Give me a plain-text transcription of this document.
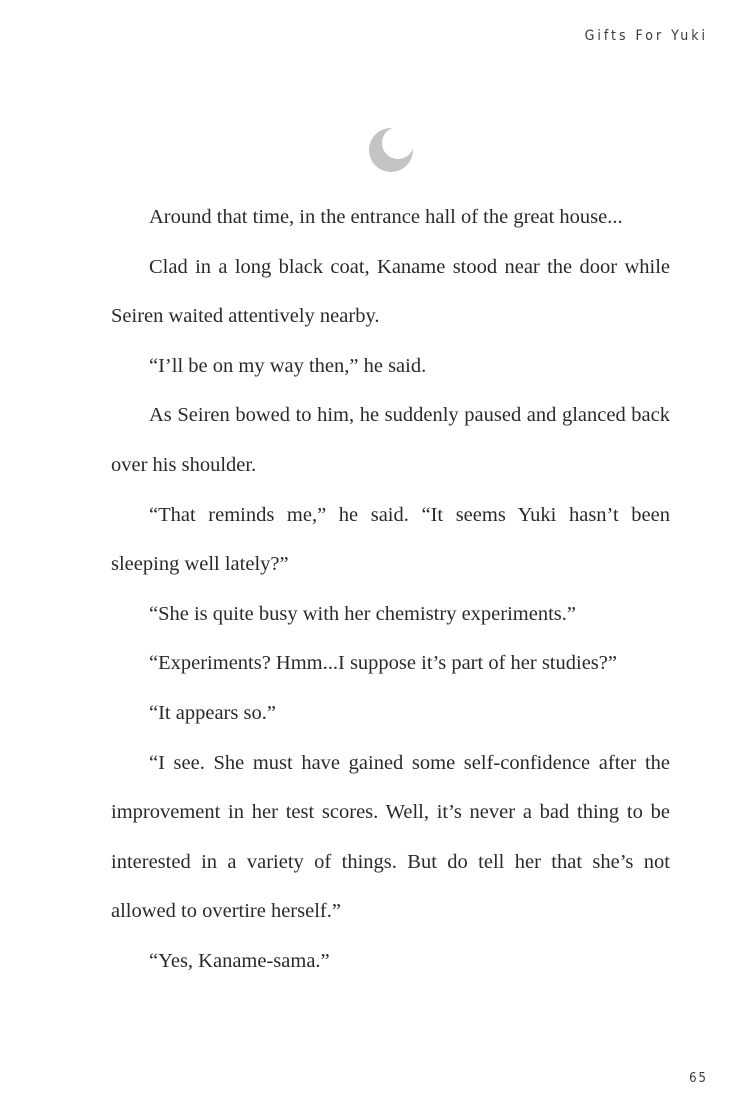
Gifts For Yuki

Around that time, in the entrance hall of the great house...

Clad in a long black coat, Kaname stood near the door while Seiren waited attentively nearby.

“I’ll be on my way then,” he said.

As Seiren bowed to him, he suddenly paused and glanced back over his shoulder.

“That reminds me,” he said. “It seems Yuki hasn’t been sleeping well lately?”

“She is quite busy with her chemistry experiments.”

“Experiments? Hmm...I suppose it’s part of her studies?”

“It appears so.”

“I see. She must have gained some self-confidence after the improvement in her test scores. Well, it’s never a bad thing to be interested in a variety of things. But do tell her that she’s not allowed to overtire herself.”

“Yes, Kaname-sama.”

65
